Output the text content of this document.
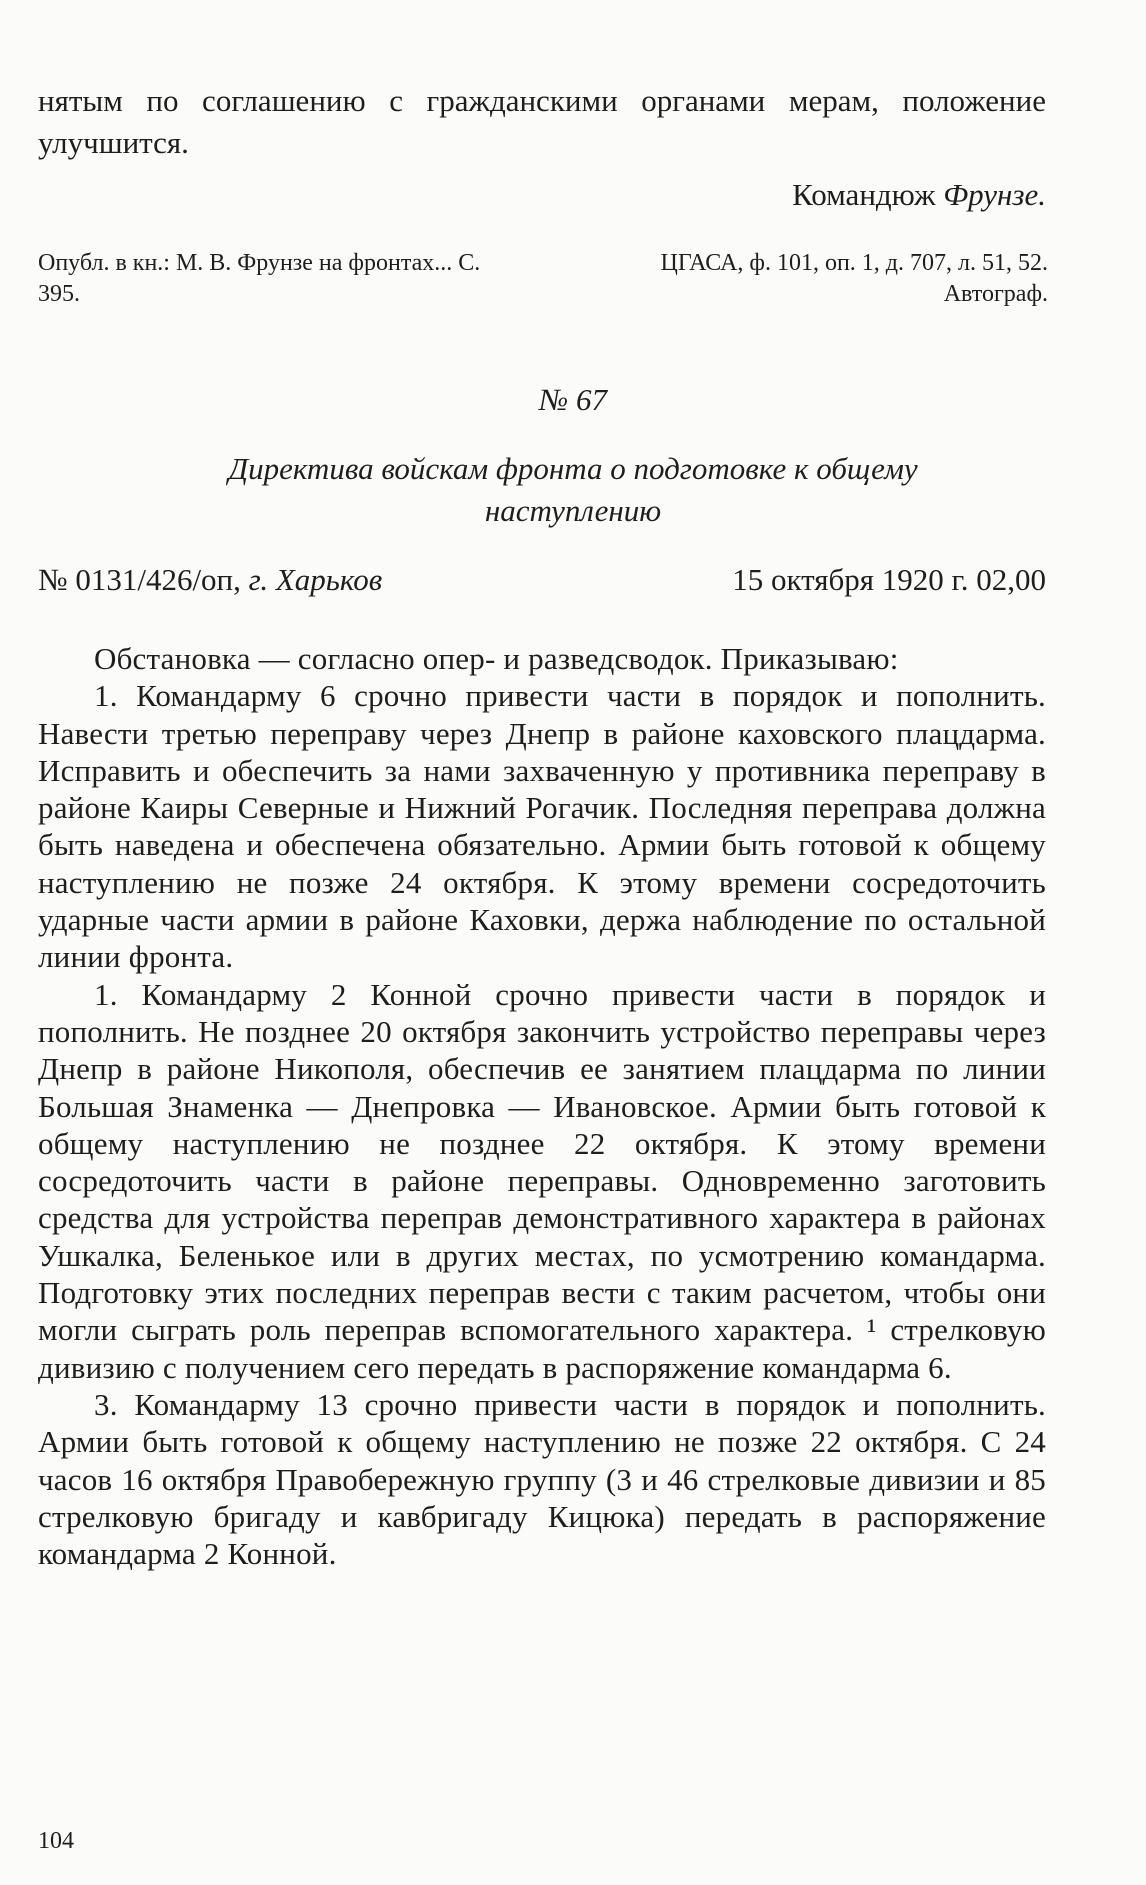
нятым по соглашению с гражданскими органами мерам, положение улучшится.
Командюж Фрунзе.
Опубл. в кн.: М. В. Фрунзе на фронтах... С. 395.
ЦГАСА, ф. 101, оп. 1, д. 707, л. 51, 52. Автограф.
№ 67
Директива войскам фронта о подготовке к общему наступлению
№ 0131/426/оп, г. Харьков	15 октября 1920 г. 02,00

Обстановка — согласно опер- и разведсводок. Приказываю:

1. Командарму 6 срочно привести части в порядок и пополнить. Навести третью переправу через Днепр в районе каховского плацдарма. Исправить и обеспечить за нами захваченную у противника переправу в районе Каиры Северные и Нижний Рогачик. Последняя переправа должна быть наведена и обеспечена обязательно. Армии быть готовой к общему наступлению не позже 24 октября. К этому времени сосредоточить ударные части армии в районе Каховки, держа наблюдение по остальной линии фронта.

1. Командарму 2 Конной срочно привести части в порядок и пополнить. Не позднее 20 октября закончить устройство переправы через Днепр в районе Никополя, обеспечив ее занятием плацдарма по линии Большая Знаменка — Днепровка — Ивановское. Армии быть готовой к общему наступлению не позднее 22 октября. К этому времени сосредоточить части в районе переправы. Одновременно заготовить средства для устройства переправ демонстративного характера в районах Ушкалка, Беленькое или в других местах, по усмотрению командарма. Подготовку этих последних переправ вести с таким расчетом, чтобы они могли сыграть роль переправ вспомогательного характера. ¹ стрелковую дивизию с получением сего передать в распоряжение командарма 6.

3. Командарму 13 срочно привести части в порядок и пополнить. Армии быть готовой к общему наступлению не позже 22 октября. С 24 часов 16 октября Правобережную группу (3 и 46 стрелковые дивизии и 85 стрелковую бригаду и кавбригаду Кицюка) передать в распоряжение командарма 2 Конной.

104
